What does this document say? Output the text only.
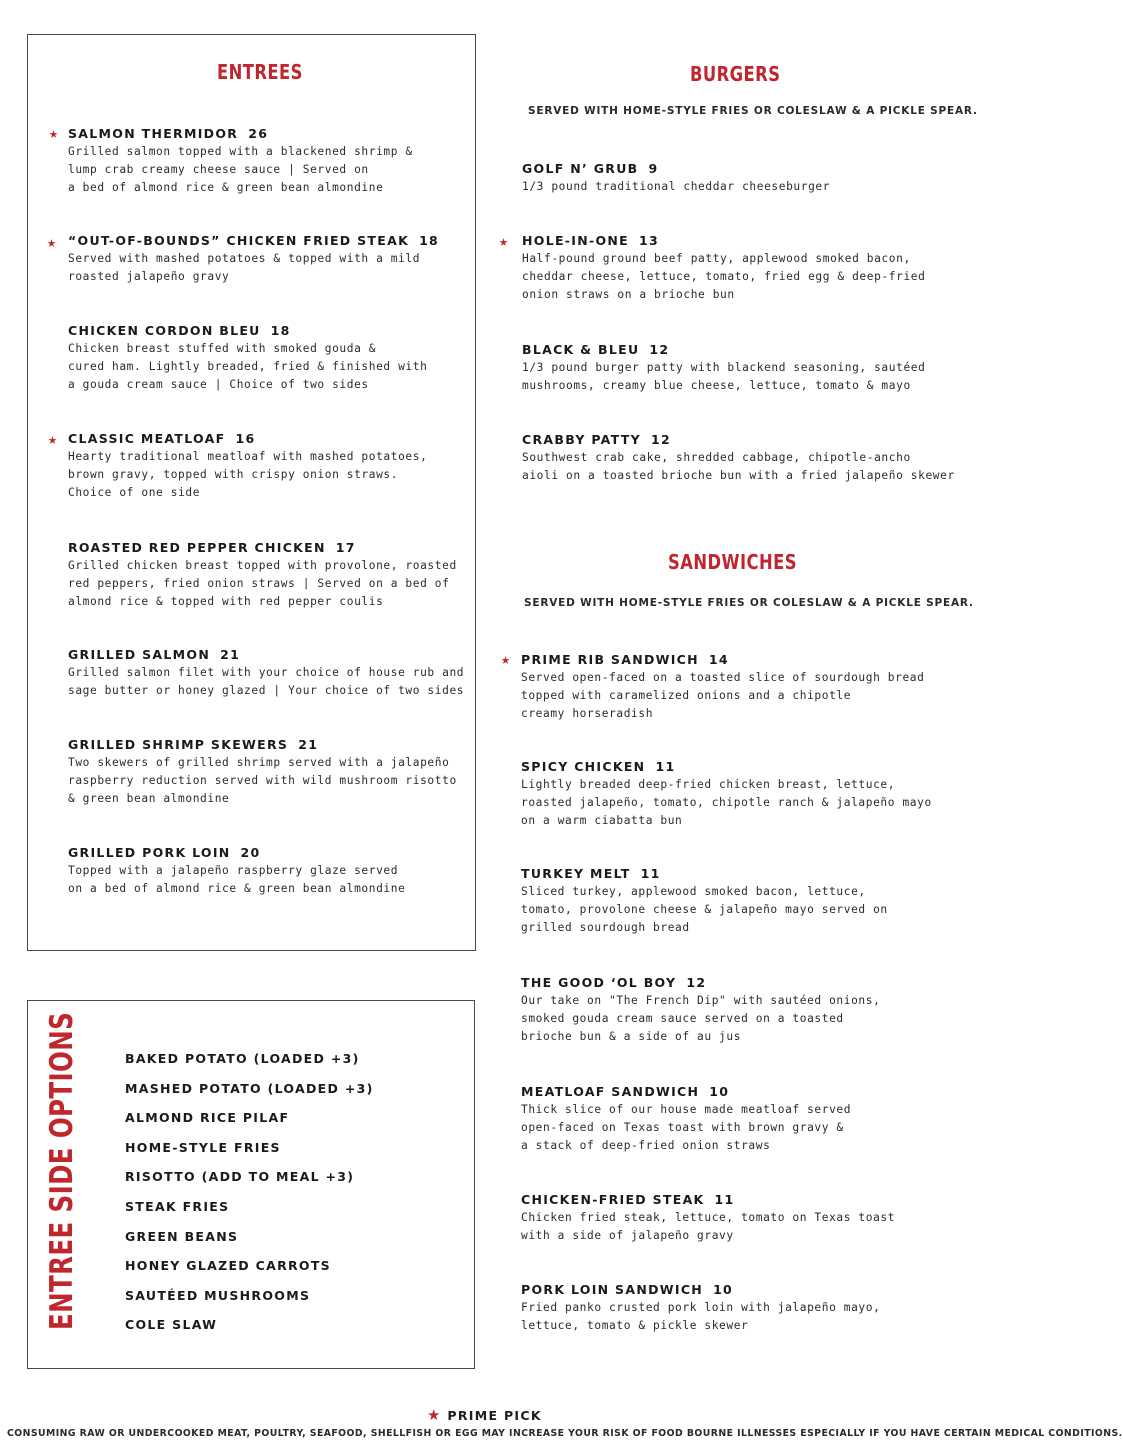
ENTREES
SALMON THERMIDOR 26
Grilled salmon topped with a blackened shrimp &
lump crab creamy cheese sauce | Served on
a bed of almond rice & green bean almondine
★
“OUT-OF-BOUNDS” CHICKEN FRIED STEAK 18
Served with mashed potatoes & topped with a mild
roasted jalapeño gravy
★
CHICKEN CORDON BLEU 18
Chicken breast stuffed with smoked gouda &
cured ham. Lightly breaded, fried & finished with
a gouda cream sauce | Choice of two sides
CLASSIC MEATLOAF 16
Hearty traditional meatloaf with mashed potatoes,
brown gravy, topped with crispy onion straws.
Choice of one side
★
ROASTED RED PEPPER CHICKEN 17
Grilled chicken breast topped with provolone, roasted
red peppers, fried onion straws | Served on a bed of
almond rice & topped with red pepper coulis
GRILLED SALMON 21
Grilled salmon filet with your choice of house rub and
sage butter or honey glazed | Your choice of two sides
GRILLED SHRIMP SKEWERS 21
Two skewers of grilled shrimp served with a jalapeño
raspberry reduction served with wild mushroom risotto
& green bean almondine
GRILLED PORK LOIN 20
Topped with a jalapeño raspberry glaze served
on a bed of almond rice & green bean almondine
ENTREE SIDE OPTIONS	BAKED POTATO (LOADED +3)
MASHED POTATO (LOADED +3)
ALMOND RICE PILAF
HOME-STYLE FRIES
RISOTTO (ADD TO MEAL +3)
STEAK FRIES
GREEN BEANS
HONEY GLAZED CARROTS
SAUTÉED MUSHROOMS
COLE SLAW
BURGERS
SERVED WITH HOME-STYLE FRIES OR COLESLAW & A PICKLE SPEAR.
GOLF N’ GRUB 9
1/3 pound traditional cheddar cheeseburger
HOLE-IN-ONE 13
Half-pound ground beef patty, applewood smoked bacon,
cheddar cheese, lettuce, tomato, fried egg & deep-fried
onion straws on a brioche bun
★
BLACK & BLEU 12
1/3 pound burger patty with blackend seasoning, sautéed
mushrooms, creamy blue cheese, lettuce, tomato & mayo
CRABBY PATTY 12
Southwest crab cake, shredded cabbage, chipotle-ancho
aioli on a toasted brioche bun with a fried jalapeño skewer
SANDWICHES
SERVED WITH HOME-STYLE FRIES OR COLESLAW & A PICKLE SPEAR.
PRIME RIB SANDWICH 14
Served open-faced on a toasted slice of sourdough bread
topped with caramelized onions and a chipotle
creamy horseradish
★
SPICY CHICKEN 11
Lightly breaded deep-fried chicken breast, lettuce,
roasted jalapeño, tomato, chipotle ranch & jalapeño mayo
on a warm ciabatta bun
TURKEY MELT 11
Sliced turkey, applewood smoked bacon, lettuce,
tomato, provolone cheese & jalapeño mayo served on
grilled sourdough bread
THE GOOD ‘OL BOY 12
Our take on "The French Dip" with sautéed onions,
smoked gouda cream sauce served on a toasted
brioche bun & a side of au jus
MEATLOAF SANDWICH 10
Thick slice of our house made meatloaf served
open-faced on Texas toast with brown gravy &
a stack of deep-fried onion straws
CHICKEN-FRIED STEAK 11
Chicken fried steak, lettuce, tomato on Texas toast
with a side of jalapeño gravy
PORK LOIN SANDWICH 10
Fried panko crusted pork loin with jalapeño mayo,
lettuce, tomato & pickle skewer
★ PRIME PICK
CONSUMING RAW OR UNDERCOOKED MEAT, POULTRY, SEAFOOD, SHELLFISH OR EGG MAY INCREASE YOUR RISK OF FOOD BOURNE ILLNESSES ESPECIALLY IF YOU HAVE CERTAIN MEDICAL CONDITIONS.
